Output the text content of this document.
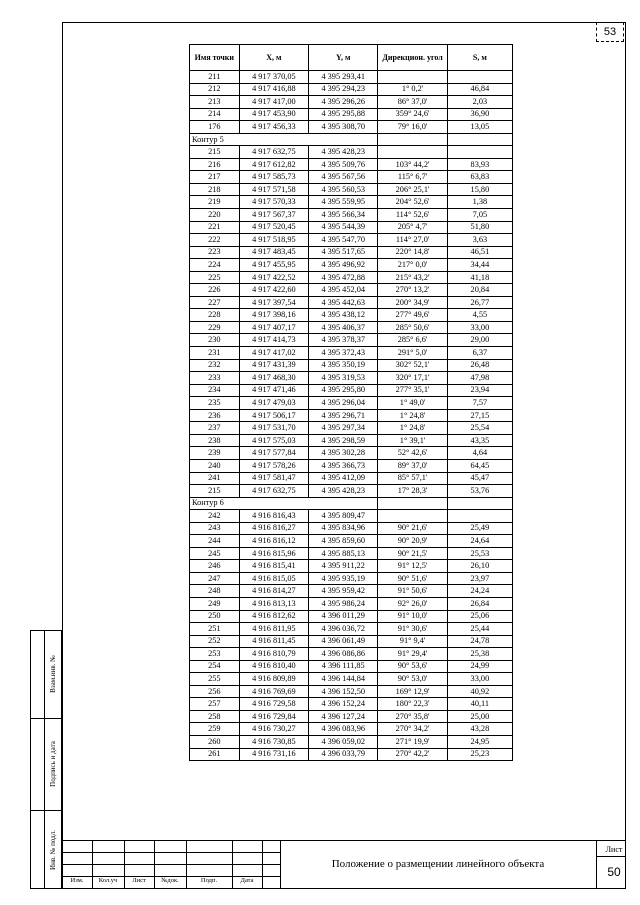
53
Взам.инв. №
Подпись и дата
Инв. № подл.
Имя точки	X, м	Y, м	Дирекцион. угол	S, м
211	4 917 370,05	4 395 293,41		
212	4 917 416,88	4 395 294,23	1° 0,2'	46,84
213	4 917 417,00	4 395 296,26	86° 37,0'	2,03
214	4 917 453,90	4 395 295,88	359° 24,6'	36,90
176	4 917 456,33	4 395 308,70	79° 16,0'	13,05
Контур 5				
215	4 917 632,75	4 395 428,23		
216	4 917 612,82	4 395 509,76	103° 44,2'	83,93
217	4 917 585,73	4 395 567,56	115° 6,7'	63,83
218	4 917 571,58	4 395 560,53	206° 25,1'	15,80
219	4 917 570,33	4 395 559,95	204° 52,6'	1,38
220	4 917 567,37	4 395 566,34	114° 52,6'	7,05
221	4 917 520,45	4 395 544,39	205° 4,7'	51,80
222	4 917 518,95	4 395 547,70	114° 27,0'	3,63
223	4 917 483,45	4 395 517,65	220° 14,8'	46,51
224	4 917 455,95	4 395 496,92	217° 0,0'	34,44
225	4 917 422,52	4 395 472,88	215° 43,2'	41,18
226	4 917 422,60	4 395 452,04	270° 13,2'	20,84
227	4 917 397,54	4 395 442,63	200° 34,9'	26,77
228	4 917 398,16	4 395 438,12	277° 49,6'	4,55
229	4 917 407,17	4 395 406,37	285° 50,6'	33,00
230	4 917 414,73	4 395 378,37	285° 6,6'	29,00
231	4 917 417,02	4 395 372,43	291° 5,0'	6,37
232	4 917 431,39	4 395 350,19	302° 52,1'	26,48
233	4 917 468,30	4 395 319,53	320° 17,1'	47,98
234	4 917 471,46	4 395 295,80	277° 35,1'	23,94
235	4 917 479,03	4 395 296,04	1° 49,0'	7,57
236	4 917 506,17	4 395 296,71	1° 24,8'	27,15
237	4 917 531,70	4 395 297,34	1° 24,8'	25,54
238	4 917 575,03	4 395 298,59	1° 39,1'	43,35
239	4 917 577,84	4 395 302,28	52° 42,6'	4,64
240	4 917 578,26	4 395 366,73	89° 37,0'	64,45
241	4 917 581,47	4 395 412,09	85° 57,1'	45,47
215	4 917 632,75	4 395 428,23	17° 28,3'	53,76
Контур 6				
242	4 916 816,43	4 395 809,47		
243	4 916 816,27	4 395 834,96	90° 21,6'	25,49
244	4 916 816,12	4 395 859,60	90° 20,9'	24,64
245	4 916 815,96	4 395 885,13	90° 21,5'	25,53
246	4 916 815,41	4 395 911,22	91° 12,5'	26,10
247	4 916 815,05	4 395 935,19	90° 51,6'	23,97
248	4 916 814,27	4 395 959,42	91° 50,6'	24,24
249	4 916 813,13	4 395 986,24	92° 26,0'	26,84
250	4 916 812,62	4 396 011,29	91° 10,0'	25,06
251	4 916 811,95	4 396 036,72	91° 30,6'	25,44
252	4 916 811,45	4 396 061,49	91° 9,4'	24,78
253	4 916 810,79	4 396 086,86	91° 29,4'	25,38
254	4 916 810,40	4 396 111,85	90° 53,6'	24,99
255	4 916 809,89	4 396 144,84	90° 53,0'	33,00
256	4 916 769,69	4 396 152,50	169° 12,9'	40,92
257	4 916 729,58	4 396 152,24	180° 22,3'	40,11
258	4 916 729,84	4 396 127,24	270° 35,8'	25,00
259	4 916 730,27	4 396 083,96	270° 34,2'	43,28
260	4 916 730,85	4 396 059,02	271° 19,9'	24,95
261	4 916 731,16	4 396 033,79	270° 42,2'	25,23
Изм.	Кол.уч	Лист	№док.	Подп.	Дата
Положение о размещении линейного объекта
Лист
50
